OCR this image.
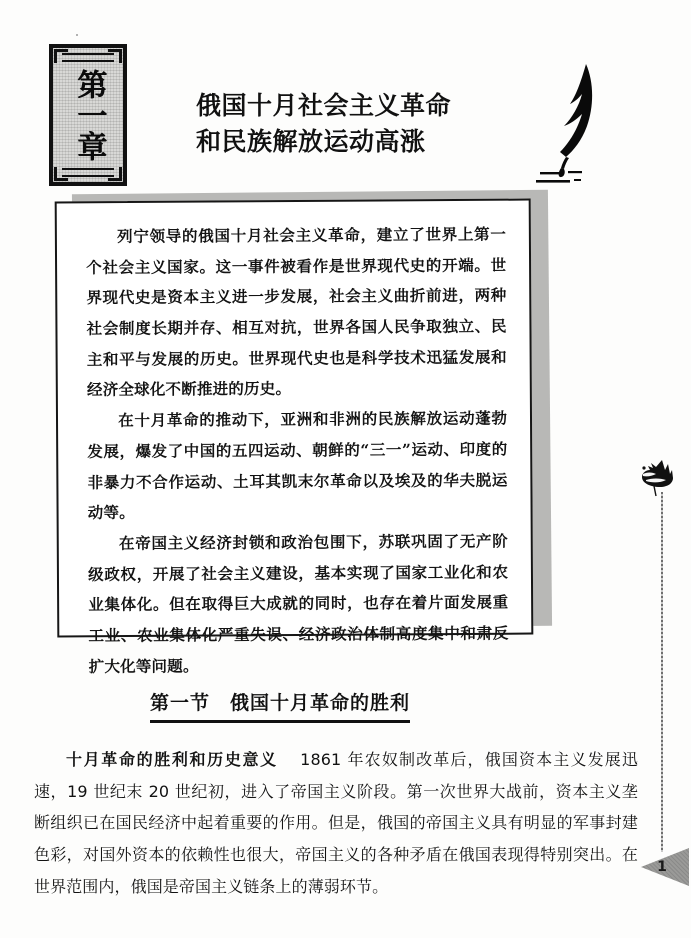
第一章	俄国十月社会主义革命
和民族解放运动高涨

列宁领导的俄国十月社会主义革命，建立了世界上第一个社会主义国家。这一事件被看作是世界现代史的开端。世界现代史是资本主义进一步发展，社会主义曲折前进，两种社会制度长期并存、相互对抗，世界各国人民争取独立、民主和平与发展的历史。世界现代史也是科学技术迅猛发展和经济全球化不断推进的历史。

在十月革命的推动下，亚洲和非洲的民族解放运动蓬勃发展，爆发了中国的五四运动、朝鲜的“三一”运动、印度的非暴力不合作运动、土耳其凯末尔革命以及埃及的华夫脱运动等。

在帝国主义经济封锁和政治包围下，苏联巩固了无产阶级政权，开展了社会主义建设，基本实现了国家工业化和农业集体化。但在取得巨大成就的同时，也存在着片面发展重工业、农业集体化严重失误、经济政治体制高度集中和肃反扩大化等问题。

第一节　俄国十月革命的胜利

十月革命的胜利和历史意义 1861 年农奴制改革后，俄国资本主义发展迅速，19 世纪末 20 世纪初，进入了帝国主义阶段。第一次世界大战前，资本主义垄断组织已在国民经济中起着重要的作用。但是，俄国的帝国主义具有明显的军事封建色彩，对国外资本的依赖性也很大，帝国主义的各种矛盾在俄国表现得特别突出。在世界范围内，俄国是帝国主义链条上的薄弱环节。

1
